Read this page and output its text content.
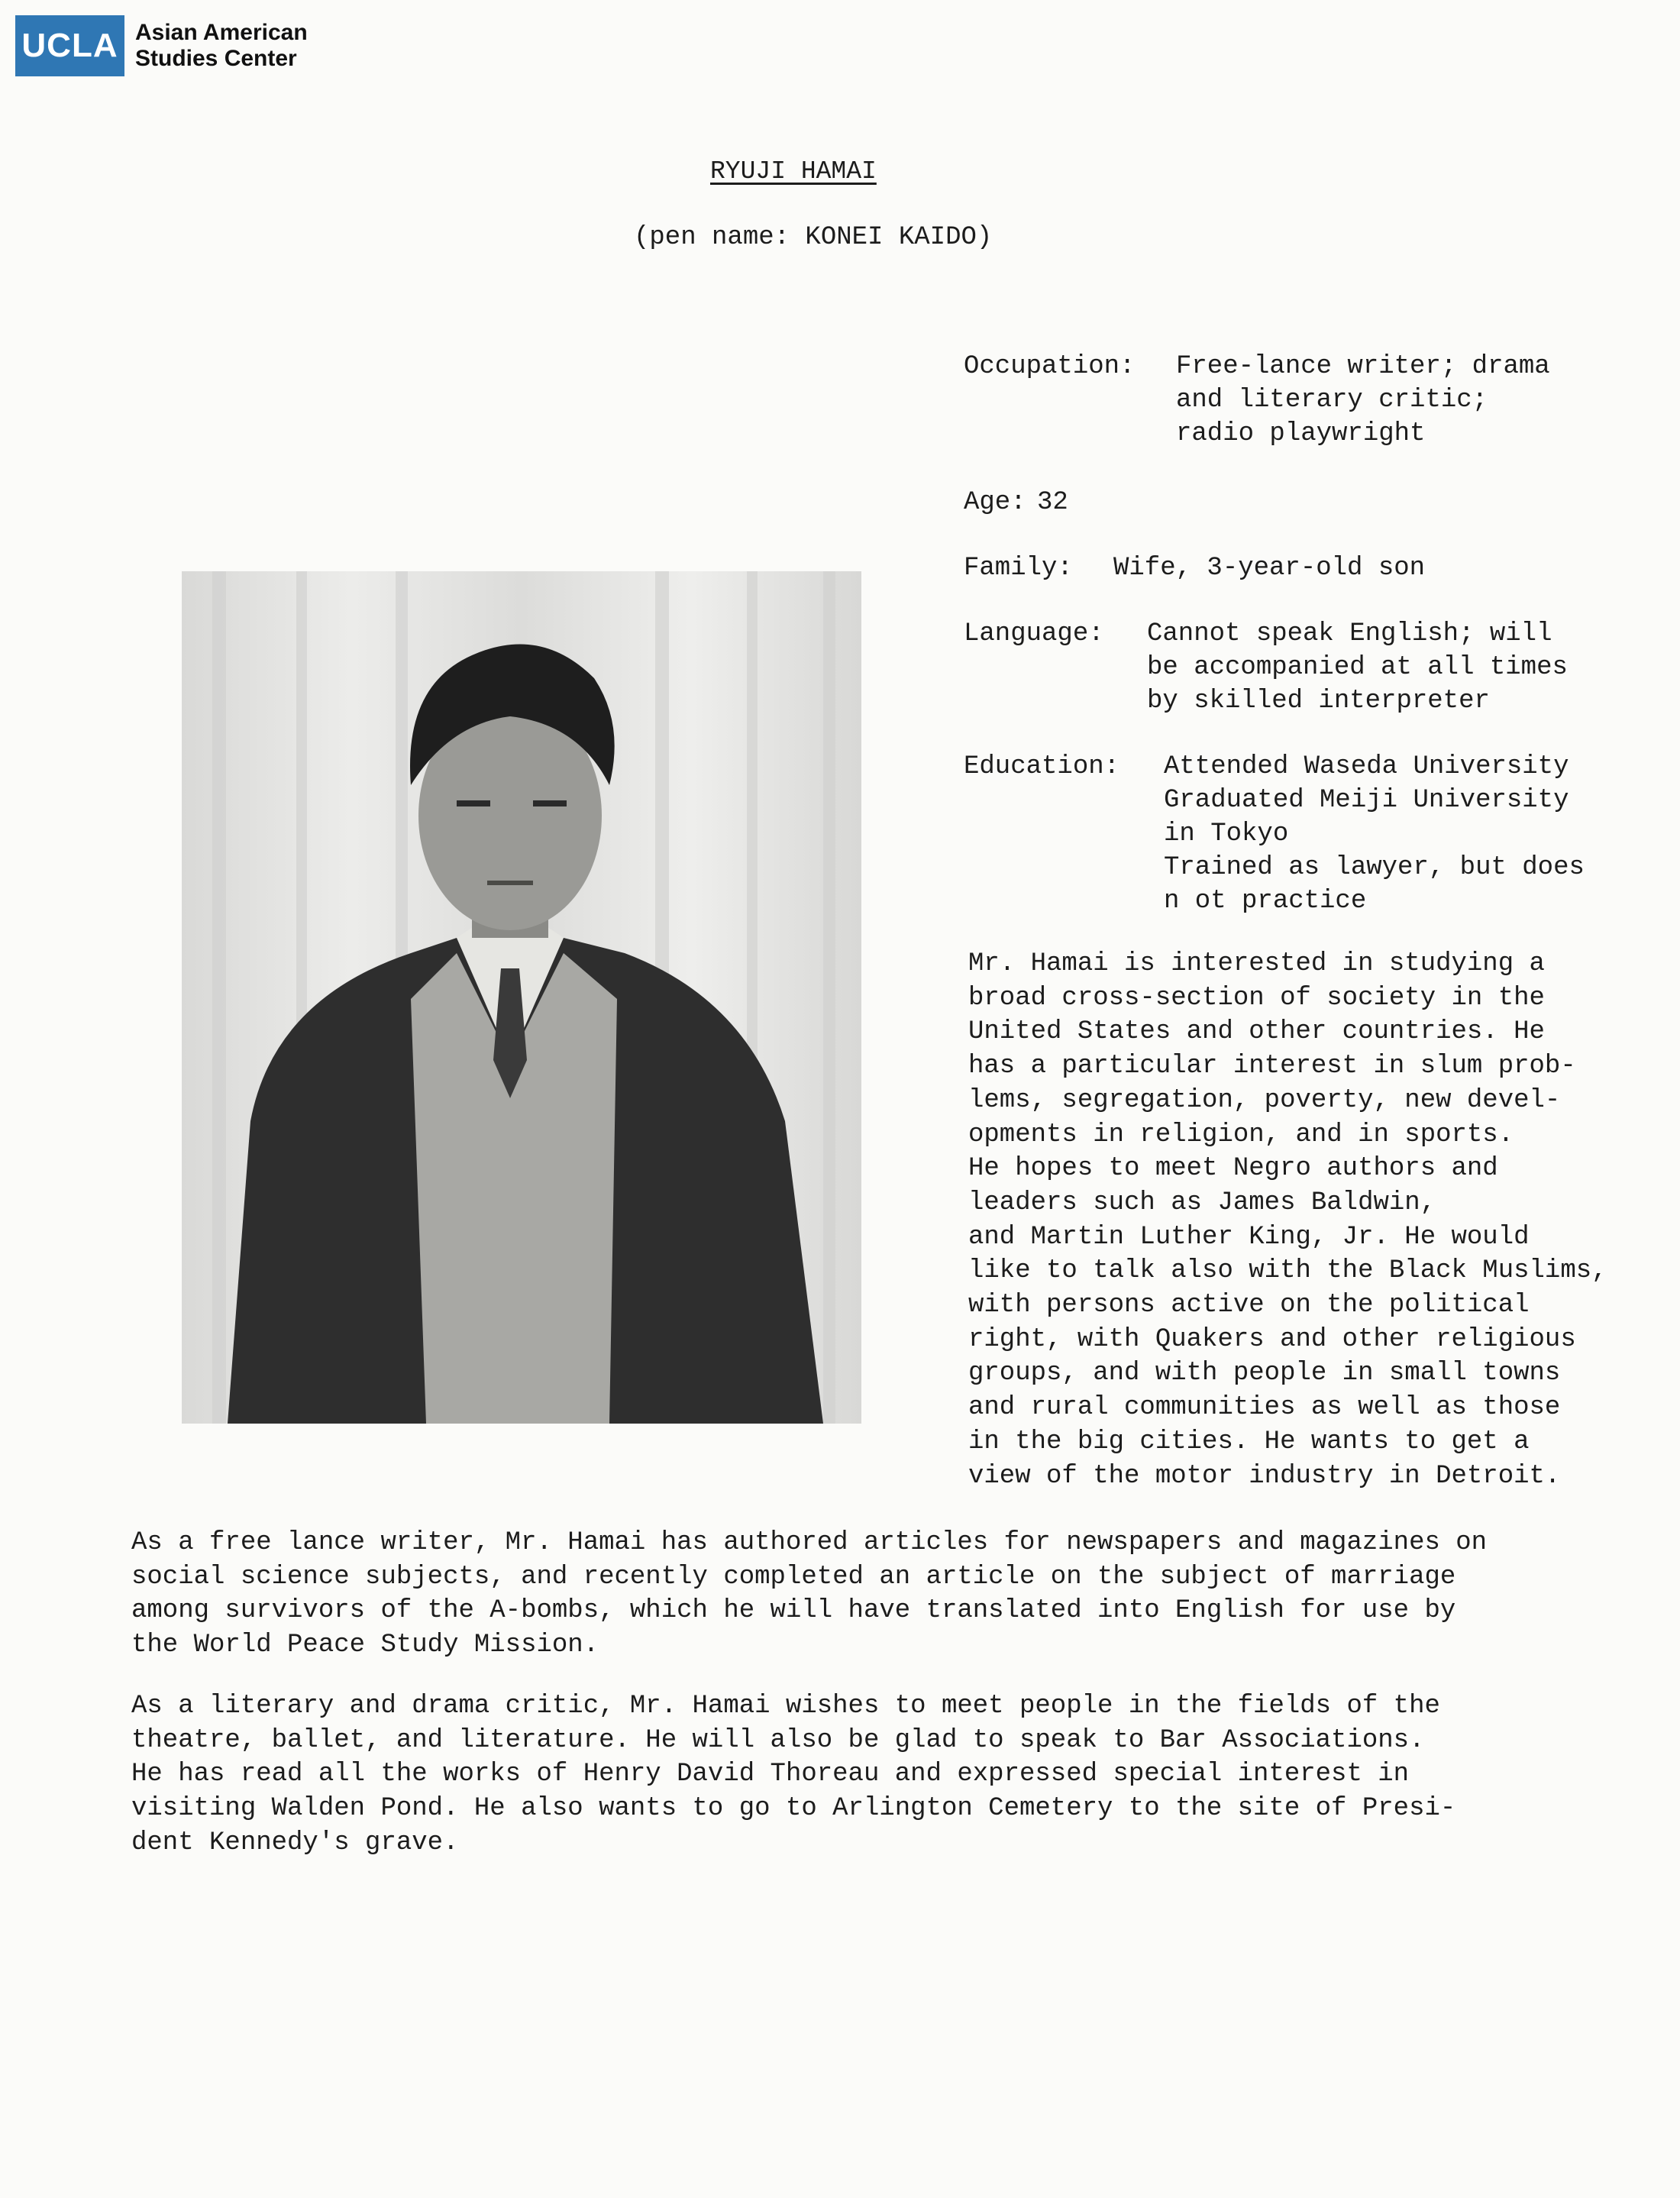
UCLA Asian American
Studies Center
RYUJI HAMAI
(pen name: KONEI KAIDO)
Occupation: Free-lance writer; drama
and literary critic;
radio playwright
Age: 32
Family: Wife, 3-year-old son
Language: Cannot speak English; will
be accompanied at all times
by skilled interpreter
Education: Attended Waseda University
Graduated Meiji University
in Tokyo
Trained as lawyer, but does
n ot practice
Mr. Hamai is interested in studying a
broad cross-section of society in the
United States and other countries. He
has a particular interest in slum prob-
lems, segregation, poverty, new devel-
opments in religion, and in sports.
He hopes to meet Negro authors and
leaders such as James Baldwin,
and Martin Luther King, Jr. He would
like to talk also with the Black Muslims,
with persons active on the political
right, with Quakers and other religious
groups, and with people in small towns
and rural communities as well as those
in the big cities. He wants to get a
view of the motor industry in Detroit.
As a free lance writer, Mr. Hamai has authored articles for newspapers and magazines on
social science subjects, and recently completed an article on the subject of marriage
among survivors of the A-bombs, which he will have translated into English for use by
the World Peace Study Mission.
As a literary and drama critic, Mr. Hamai wishes to meet people in the fields of the
theatre, ballet, and literature. He will also be glad to speak to Bar Associations.
He has read all the works of Henry David Thoreau and expressed special interest in
visiting Walden Pond. He also wants to go to Arlington Cemetery to the site of Presi-
dent Kennedy's grave.
